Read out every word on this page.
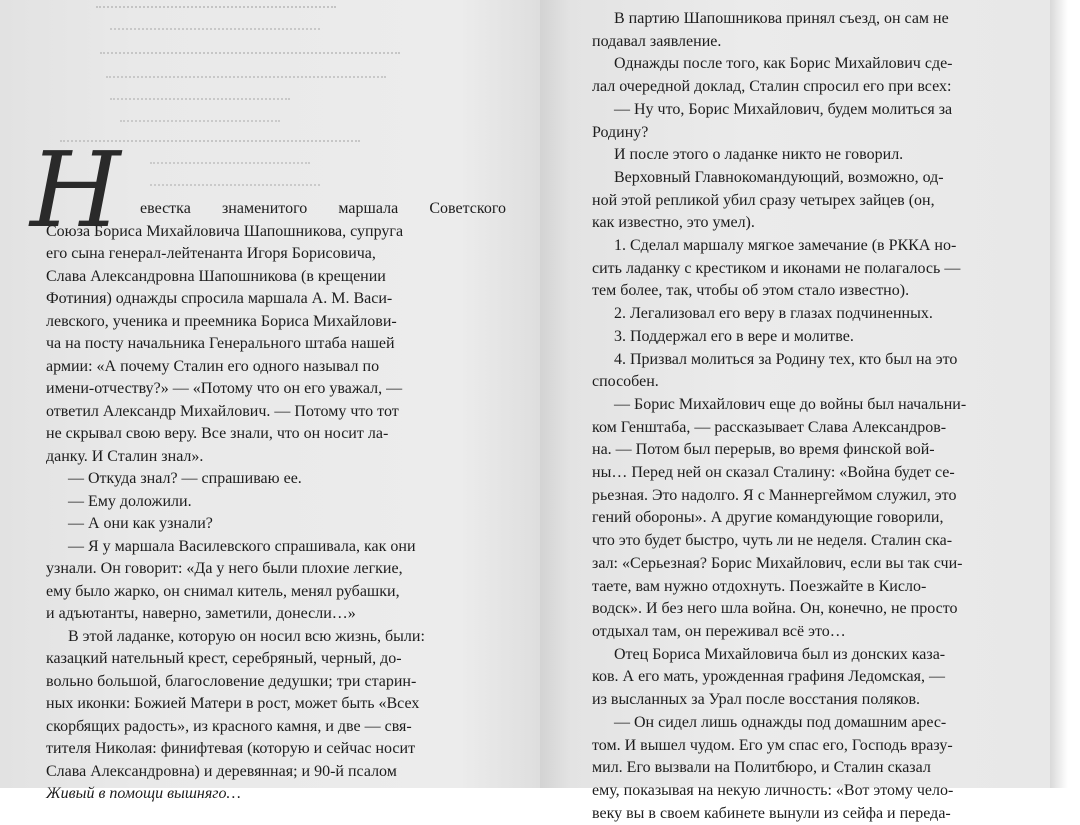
Н	евестка знаменитого маршала Советского
Союза Бориса Михайловича Шапошникова, супруга
его сына генерал-лейтенанта Игоря Борисовича,
Слава Александровна Шапошникова (в крещении
Фотиния) однажды спросила маршала А. М. Васи-
левского, ученика и преемника Бориса Михайлови-
ча на посту начальника Генерального штаба нашей
армии: «А почему Сталин его одного называл по
имени-отчеству?» — «Потому что он его уважал, —
ответил Александр Михайлович. — Потому что тот
не скрывал свою веру. Все знали, что он носит ла-
данку. И Сталин знал».
— Откуда знал? — спрашиваю ее.
— Ему доложили.
— А они как узнали?
— Я у маршала Василевского спрашивала, как они
узнали. Он говорит: «Да у него были плохие легкие,
ему было жарко, он снимал китель, менял рубашки,
и адъютанты, наверно, заметили, донесли…»
В этой ладанке, которую он носил всю жизнь, были:
казацкий нательный крест, серебряный, черный, до-
вольно большой, благословение дедушки; три старин-
ных иконки: Божией Матери в рост, может быть «Всех
скорбящих радость», из красного камня, и две — свя-
тителя Николая: финифтевая (которую и сейчас носит
Слава Александровна) и деревянная; и 90-й псалом
Живый в помощи вышняго…
В партию Шапошникова принял съезд, он сам не
подавал заявление.
Однажды после того, как Борис Михайлович сде-
лал очередной доклад, Сталин спросил его при всех:
— Ну что, Борис Михайлович, будем молиться за
Родину?
И после этого о ладанке никто не говорил.
Верховный Главнокомандующий, возможно, од-
ной этой репликой убил сразу четырех зайцев (он,
как известно, это умел).
1. Сделал маршалу мягкое замечание (в РККА но-
сить ладанку с крестиком и иконами не полагалось —
тем более, так, чтобы об этом стало известно).
2. Легализовал его веру в глазах подчиненных.
3. Поддержал его в вере и молитве.
4. Призвал молиться за Родину тех, кто был на это
способен.
— Борис Михайлович еще до войны был начальни-
ком Генштаба, — рассказывает Слава Александров-
на. — Потом был перерыв, во время финской вой-
ны… Перед ней он сказал Сталину: «Война будет се-
рьезная. Это надолго. Я с Маннергеймом служил, это
гений обороны». А другие командующие говорили,
что это будет быстро, чуть ли не неделя. Сталин ска-
зал: «Серьезная? Борис Михайлович, если вы так счи-
таете, вам нужно отдохнуть. Поезжайте в Кисло-
водск». И без него шла война. Он, конечно, не просто
отдыхал там, он переживал всё это…
Отец Бориса Михайловича был из донских каза-
ков. А его мать, урожденная графиня Ледомская, —
из высланных за Урал после восстания поляков.
— Он сидел лишь однажды под домашним арес-
том. И вышел чудом. Его ум спас его, Господь вразу-
мил. Его вызвали на Политбюро, и Сталин сказал
ему, показывая на некую личность: «Вот этому чело-
веку вы в своем кабинете вынули из сейфа и переда-
